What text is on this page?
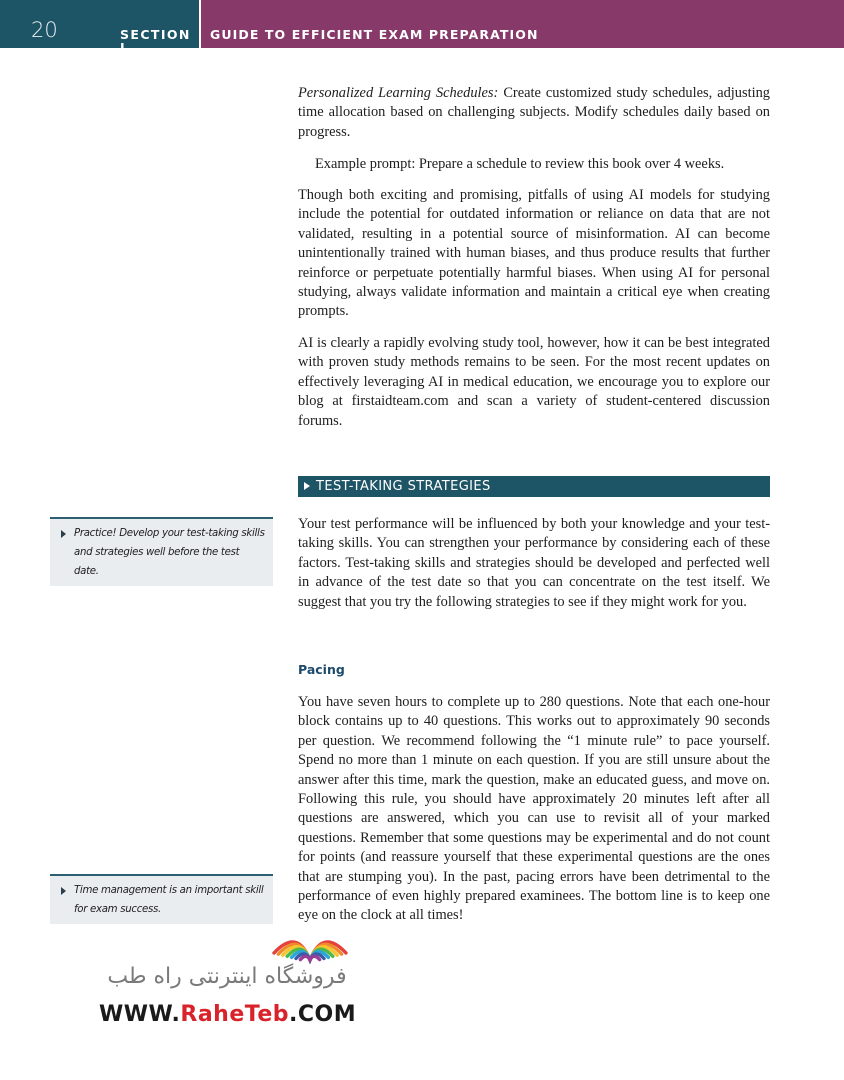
20	SECTION I
GUIDE TO EFFICIENT EXAM PREPARATION

Personalized Learning Schedules: Create customized study schedules, adjusting time allocation based on challenging subjects. Modify schedules daily based on progress.

Example prompt: Prepare a schedule to review this book over 4 weeks.

Though both exciting and promising, pitfalls of using AI models for studying include the potential for outdated information or reliance on data that are not validated, resulting in a potential source of misinformation. AI can become unintentionally trained with human biases, and thus produce results that further reinforce or perpetuate potentially harmful biases. When using AI for personal studying, always validate information and maintain a critical eye when creating prompts.

AI is clearly a rapidly evolving study tool, however, how it can be best integrated with proven study methods remains to be seen. For the most recent updates on effectively leveraging AI in medical education, we encourage you to explore our blog at firstaidteam.com and scan a variety of student-centered discussion forums.

TEST-TAKING STRATEGIES
Practice! Develop your test-taking skills and strategies well before the test date.

Your test performance will be influenced by both your knowledge and your test-taking skills. You can strengthen your performance by considering each of these factors. Test-taking skills and strategies should be developed and perfected well in advance of the test date so that you can concentrate on the test itself. We suggest that you try the following strategies to see if they might work for you.

Pacing

You have seven hours to complete up to 280 questions. Note that each one-hour block contains up to 40 questions. This works out to approximately 90 seconds per question. We recommend following the “1 minute rule” to pace yourself. Spend no more than 1 minute on each question. If you are still unsure about the answer after this time, mark the question, make an educated guess, and move on. Following this rule, you should have approximately 20 minutes left after all questions are answered, which you can use to revisit all of your marked questions. Remember that some questions may be experimental and do not count for points (and reassure yourself that these experimental questions are the ones that are stumping you). In the past, pacing errors have been detrimental to the performance of even highly prepared examinees. The bottom line is to keep one eye on the clock at all times!

Time management is an important skill for exam success.
فروشگاه اینترنتی راه طب
WWW.RaheTeb.COM
